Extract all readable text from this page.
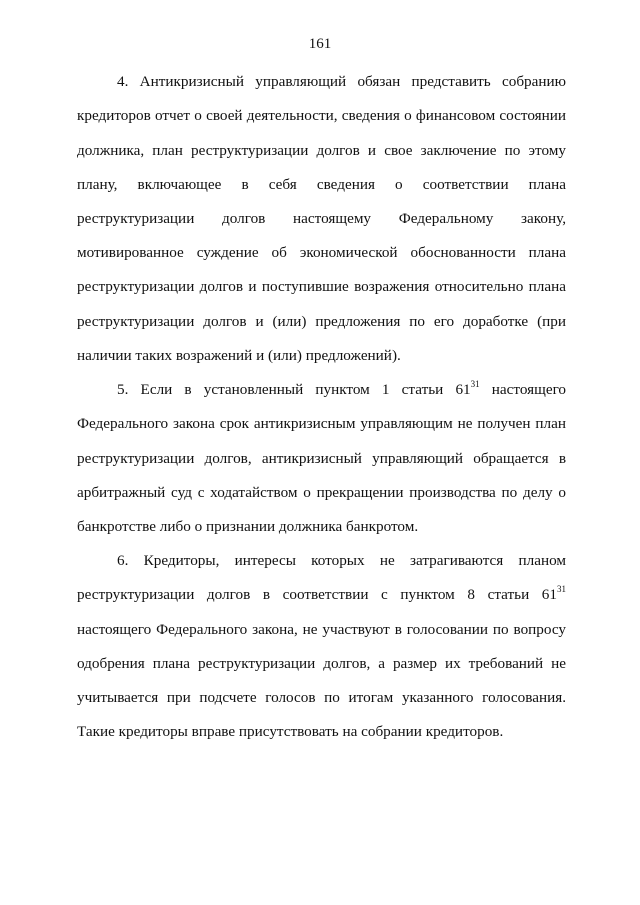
161
4. Антикризисный управляющий обязан представить собранию
кредиторов отчет о своей деятельности, сведения о финансовом состоянии
должника, план реструктуризации долгов и свое заключение по этому
плану, включающее в себя сведения о соответствии плана
реструктуризации долгов настоящему Федеральному закону,
мотивированное суждение об экономической обоснованности плана
реструктуризации долгов и поступившие возражения относительно плана
реструктуризации долгов и (или) предложения по его доработке (при
наличии таких возражений и (или) предложений).
5. Если в установленный пунктом 1 статьи $61^{31}$ настоящего
Федерального закона срок антикризисным управляющим не получен план
реструктуризации долгов, антикризисный управляющий обращается в
арбитражный суд с ходатайством о прекращении производства по делу о
банкротстве либо о признании должника банкротом.
6. Кредиторы, интересы которых не затрагиваются планом
реструктуризации долгов в соответствии с пунктом 8 статьи $61^{31}$
настоящего Федерального закона, не участвуют в голосовании по вопросу
одобрения плана реструктуризации долгов, а размер их требований не
учитывается при подсчете голосов по итогам указанного голосования.
Такие кредиторы вправе присутствовать на собрании кредиторов.
